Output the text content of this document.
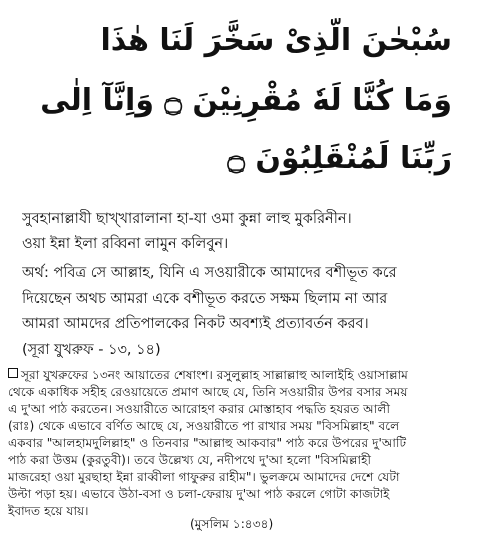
سُبْحٰنَ الَّذِىْ سَخَّرَ لَنَا هٰذَا
وَمَا كُنَّا لَهٗ مُقْرِنِيْنَ ۝ وَاِنَّآ اِلٰى
رَبِّنَا لَمُنْقَلِبُوْنَ ۝
সুবহানাল্লাযী ছাখ্‌খারালানা হা-যা ওমা কুন্না লাহু মুকরিনীন।
ওয়া ইন্না ইলা রব্বিনা লামুন কলিবুন।
অর্থ: পবিত্র সে আল্লাহ, যিনি এ সওয়ারীকে আমাদের বশীভূত করে
দিয়েছেন অথচ আমরা একে বশীভূত করতে সক্ষম ছিলাম না আর
আমরা আমদের প্রতিপালকের নিকট অবশ্যই প্রত্যাবর্তন করব।
(সূরা যুখরুফ - ১৩, ১৪)
সূরা যুখরুফের ১৩নং আয়াতের শেষাংশ। রসুলুল্লাহ সাল্লাল্লাহু আলাইহি ওয়াসাল্লাম
থেকে একাধিক সহীহ রেওয়ায়েতে প্রমাণ আছে যে, তিনি সওয়ারীর উপর বসার সময়
এ দু'আ পাঠ করতেন। সওয়ারীতে আরোহণ করার মোস্তাহাব পদ্ধতি হযরত আলী
(রাঃ) থেকে এভাবে বর্ণিত আছে যে, সওয়ারীতে পা রাখার সময় "বিসমিল্লাহ" বলে
একবার "আলহামদুলিল্লাহ" ও তিনবার "আল্লাহু আকবার" পাঠ করে উপরের দু'আটি
পাঠ করা উত্তম (কুরতুবী)। তবে উল্লেখ্য যে, নদীপথে দু'আ হলো "বিসমিল্লাহী
মাজরেহা ওয়া মুরছাহা ইন্না রাব্বীলা গাফুরুর রাহীম"। ভুলক্রমে আমাদের দেশে যেটা
উল্টা পড়া হয়। এভাবে উঠা-বসা ও চলা-ফেরায় দু'আ পাঠ করলে গোটা কাজটাই
ইবাদত হয়ে যায়।
(মুসলিম ১:৪৩৪)
